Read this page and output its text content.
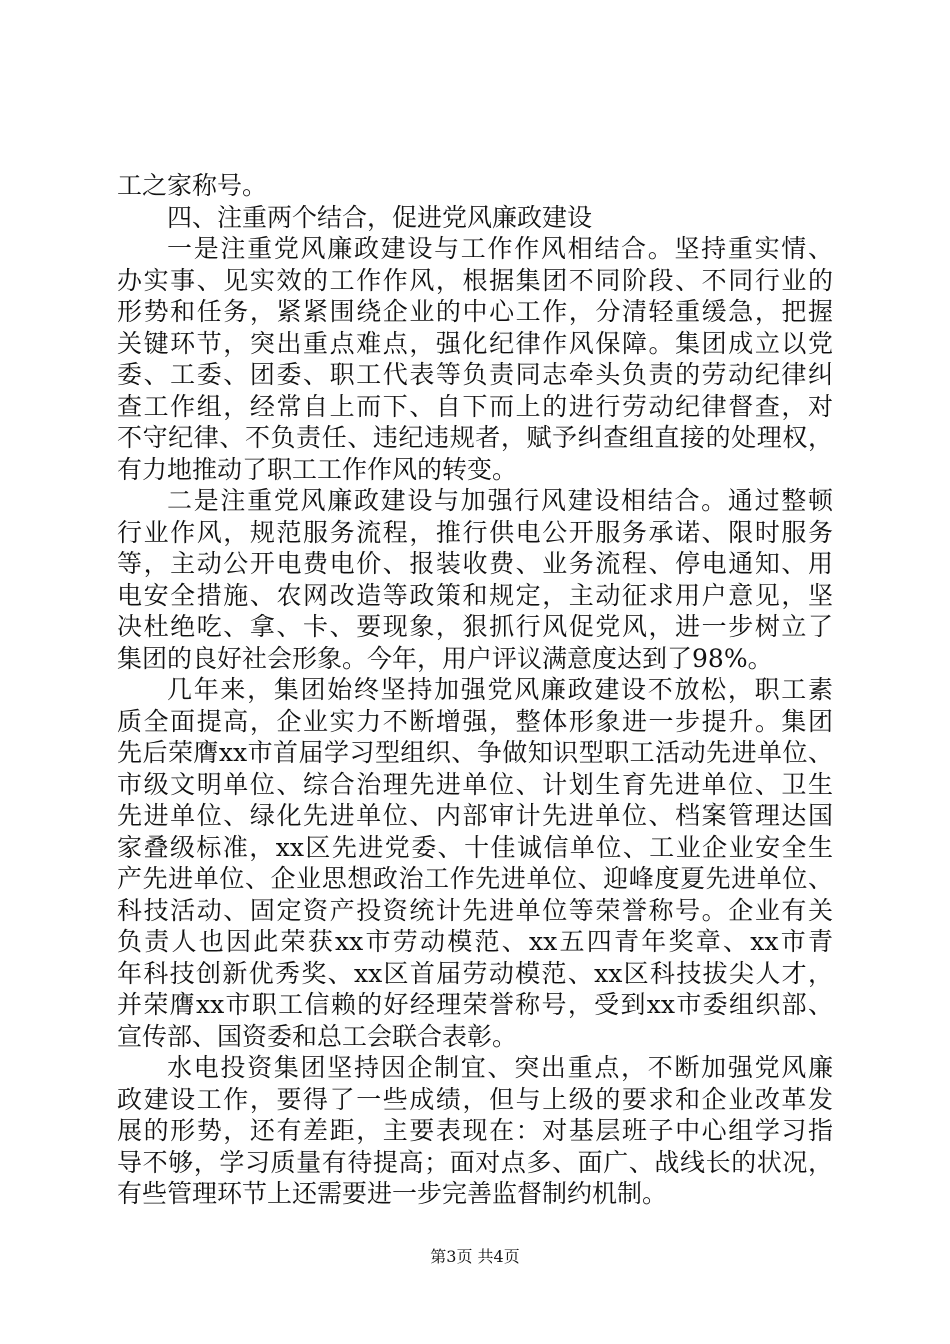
工之家称号。
四、注重两个结合，促进党风廉政建设
一是注重党风廉政建设与工作作风相结合。坚持重实情、
办实事、见实效的工作作风，根据集团不同阶段、不同行业的
形势和任务，紧紧围绕企业的中心工作，分清轻重缓急，把握
关键环节，突出重点难点，强化纪律作风保障。集团成立以党
委、工委、团委、职工代表等负责同志牵头负责的劳动纪律纠
查工作组，经常自上而下、自下而上的进行劳动纪律督查，对
不守纪律、不负责任、违纪违规者，赋予纠查组直接的处理权，
有力地推动了职工工作作风的转变。
二是注重党风廉政建设与加强行风建设相结合。通过整顿
行业作风，规范服务流程，推行供电公开服务承诺、限时服务
等，主动公开电费电价、报装收费、业务流程、停电通知、用
电安全措施、农网改造等政策和规定，主动征求用户意见，坚
决杜绝吃、拿、卡、要现象，狠抓行风促党风，进一步树立了
集团的良好社会形象。今年，用户评议满意度达到了98%。
几年来，集团始终坚持加强党风廉政建设不放松，职工素
质全面提高，企业实力不断增强，整体形象进一步提升。集团
先后荣膺xx市首届学习型组织、争做知识型职工活动先进单位、
市级文明单位、综合治理先进单位、计划生育先进单位、卫生
先进单位、绿化先进单位、内部审计先进单位、档案管理达国
家叠级标准，xx区先进党委、十佳诚信单位、工业企业安全生
产先进单位、企业思想政治工作先进单位、迎峰度夏先进单位、
科技活动、固定资产投资统计先进单位等荣誉称号。企业有关
负责人也因此荣获xx市劳动模范、xx五四青年奖章、xx市青
年科技创新优秀奖、xx区首届劳动模范、xx区科技拔尖人才，
并荣膺xx市职工信赖的好经理荣誉称号，受到xx市委组织部、
宣传部、国资委和总工会联合表彰。
水电投资集团坚持因企制宜、突出重点，不断加强党风廉
政建设工作，要得了一些成绩，但与上级的要求和企业改革发
展的形势，还有差距，主要表现在：对基层班子中心组学习指
导不够，学习质量有待提高；面对点多、面广、战线长的状况，
有些管理环节上还需要进一步完善监督制约机制。
第3页 共4页
